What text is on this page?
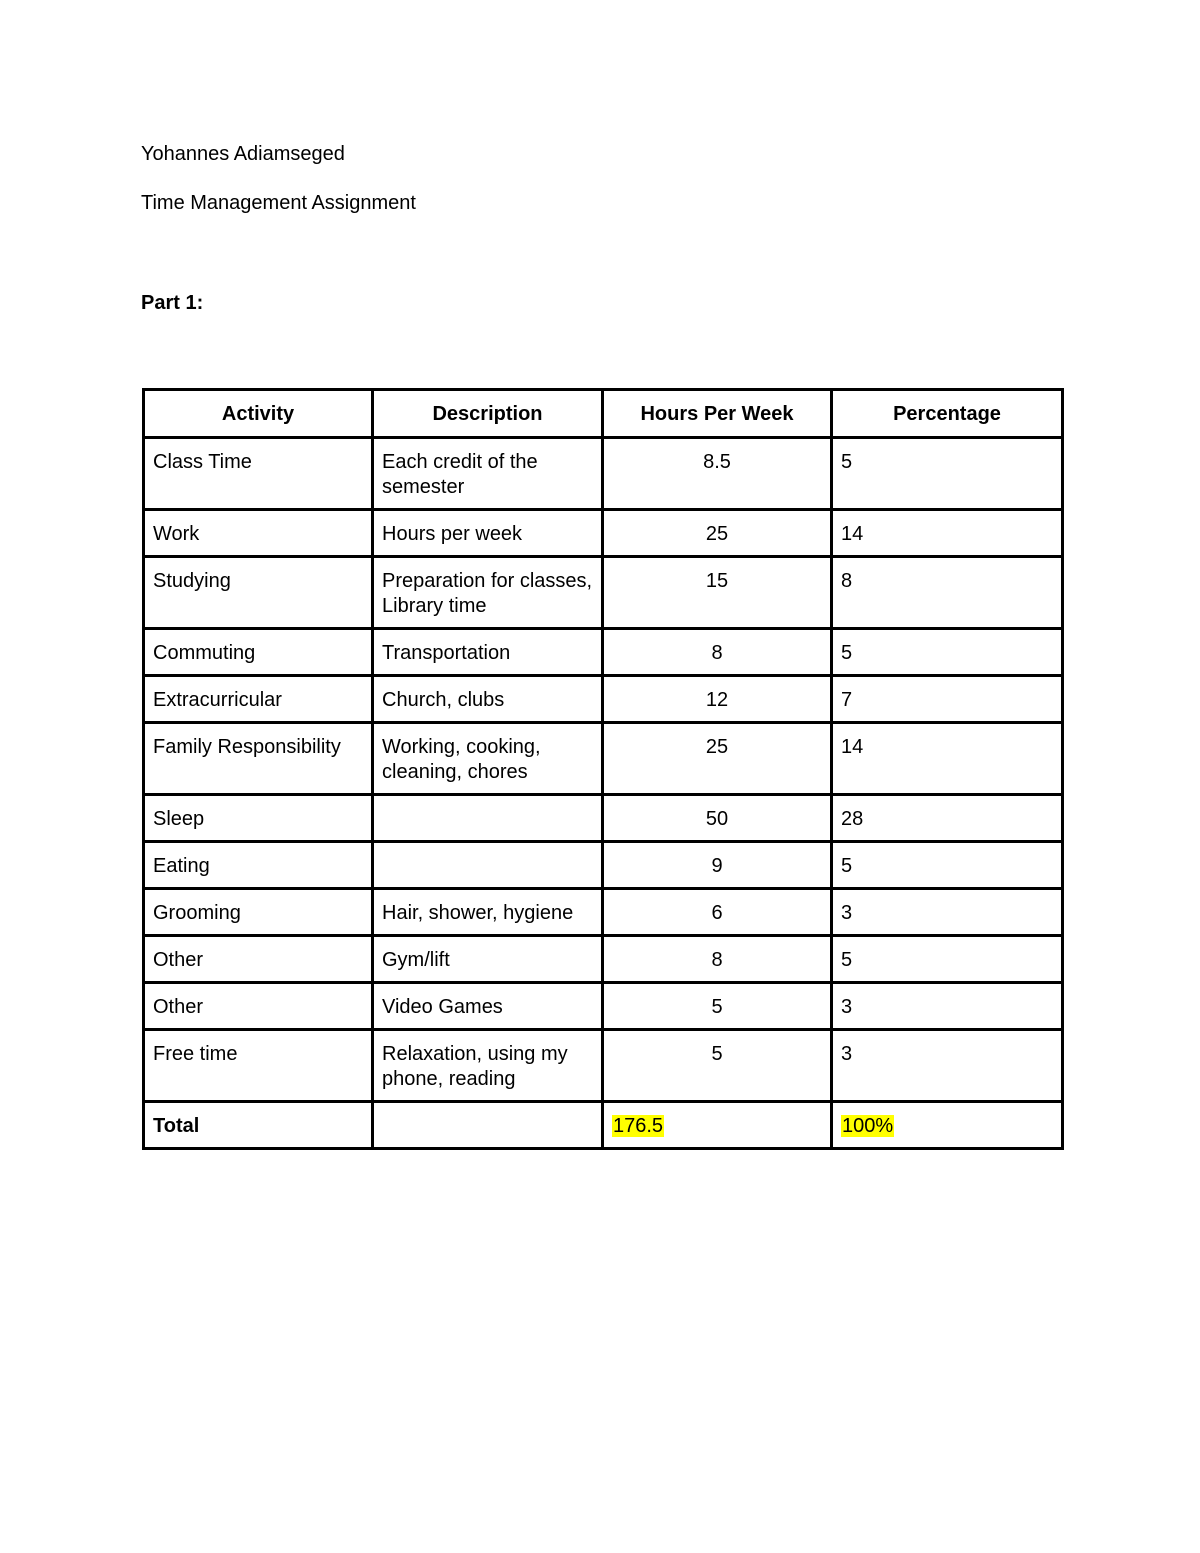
Yohannes Adiamseged
Time Management Assignment
Part 1:
Activity	Description	Hours Per Week	Percentage
Class Time	Each credit of the semester	8.5	5
Work	Hours per week	25	14
Studying	Preparation for classes, Library time	15	8
Commuting	Transportation	8	5
Extracurricular	Church, clubs	12	7
Family Responsibility	Working, cooking, cleaning, chores	25	14
Sleep		50	28
Eating		9	5
Grooming	Hair, shower, hygiene	6	3
Other	Gym/lift	8	5
Other	Video Games	5	3
Free time	Relaxation, using my phone, reading	5	3
Total		176.5	100%
